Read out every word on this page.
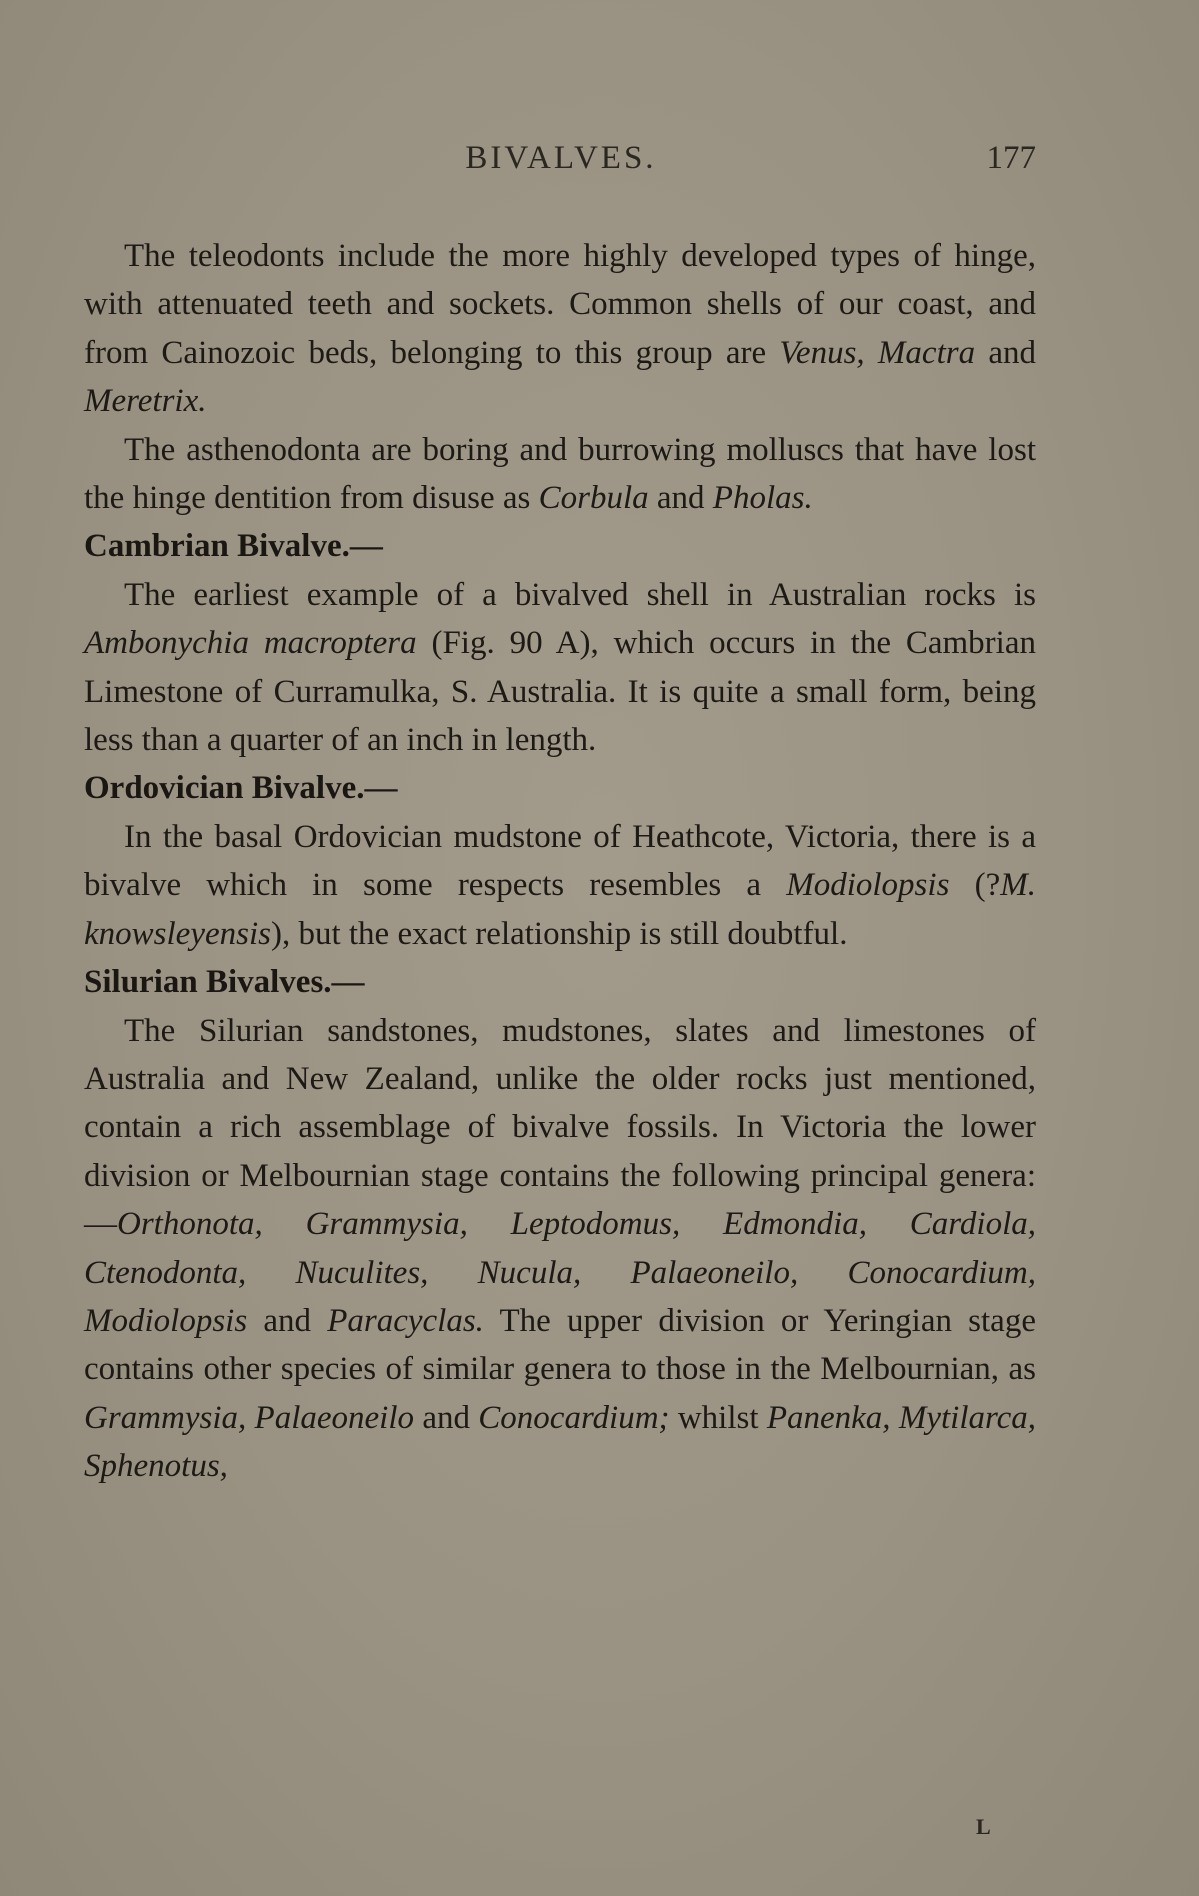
BIVALVES.	177

The teleodonts include the more highly developed types of hinge, with attenuated teeth and sockets. Common shells of our coast, and from Cainozoic beds, belonging to this group are Venus, Mactra and Meretrix.

The asthenodonta are boring and burrowing molluscs that have lost the hinge dentition from disuse as Corbula and Pholas.

Cambrian Bivalve.—

The earliest example of a bivalved shell in Australian rocks is Ambonychia macroptera (Fig. 90 A), which occurs in the Cambrian Limestone of Curramulka, S. Australia. It is quite a small form, being less than a quarter of an inch in length.

Ordovician Bivalve.—

In the basal Ordovician mudstone of Heathcote, Victoria, there is a bivalve which in some respects resembles a Modiolopsis (?M. knowsleyensis), but the exact relationship is still doubtful.

Silurian Bivalves.—

The Silurian sandstones, mudstones, slates and limestones of Australia and New Zealand, unlike the older rocks just mentioned, contain a rich assemblage of bivalve fossils. In Victoria the lower division or Melbournian stage contains the following principal genera:—Orthonota, Grammysia, Leptodomus, Edmondia, Cardiola, Ctenodonta, Nuculites, Nucula, Palaeoneilo, Conocardium, Modiolopsis and Paracyclas. The upper division or Yeringian stage contains other species of similar genera to those in the Melbournian, as Grammysia, Palaeoneilo and Conocardium; whilst Panenka, Mytilarca, Sphenotus,

L
